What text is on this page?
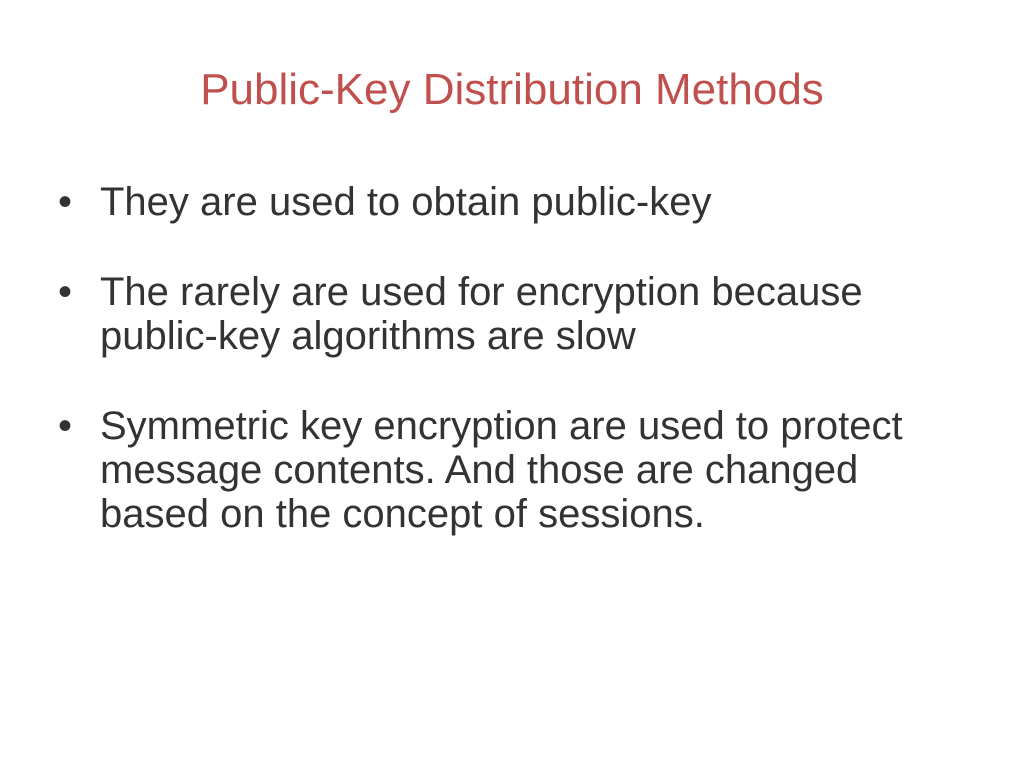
Public-Key Distribution Methods
• They are used to obtain public-key
• The rarely are used for encryption because public-key algorithms are slow
• Symmetric key encryption are used to protect message contents. And those are changed based on the concept of sessions.
